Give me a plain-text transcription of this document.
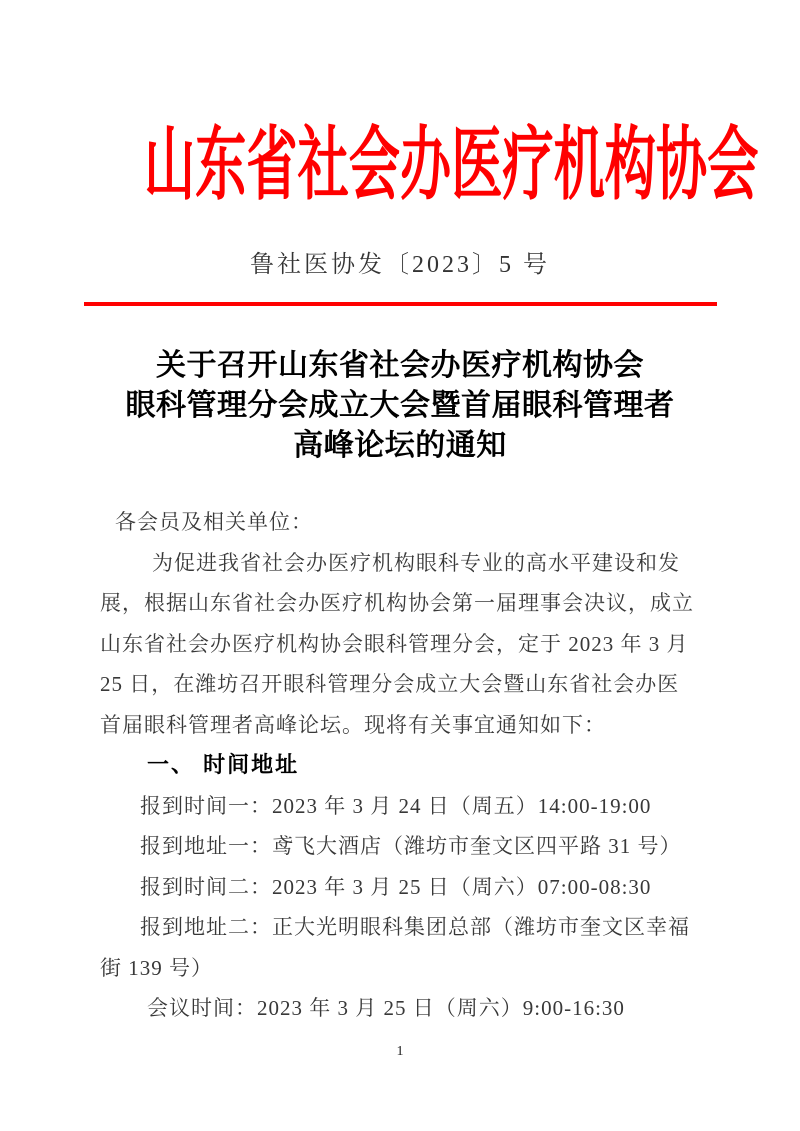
山东省社会办医疗机构协会
鲁社医协发〔2023〕5 号
关于召开山东省社会办医疗机构协会
眼科管理分会成立大会暨首届眼科管理者
高峰论坛的通知
各会员及相关单位：
为促进我省社会办医疗机构眼科专业的高水平建设和发
展，根据山东省社会办医疗机构协会第一届理事会决议，成立
山东省社会办医疗机构协会眼科管理分会，定于 2023 年 3 月
25 日，在潍坊召开眼科管理分会成立大会暨山东省社会办医
首届眼科管理者高峰论坛。现将有关事宜通知如下：
一、 时间地址
报到时间一：2023 年 3 月 24 日（周五）14:00-19:00
报到地址一：鸢飞大酒店（潍坊市奎文区四平路 31 号）
报到时间二：2023 年 3 月 25 日（周六）07:00-08:30
报到地址二：正大光明眼科集团总部（潍坊市奎文区幸福
街 139 号）
会议时间：2023 年 3 月 25 日（周六）9:00-16:30
1
